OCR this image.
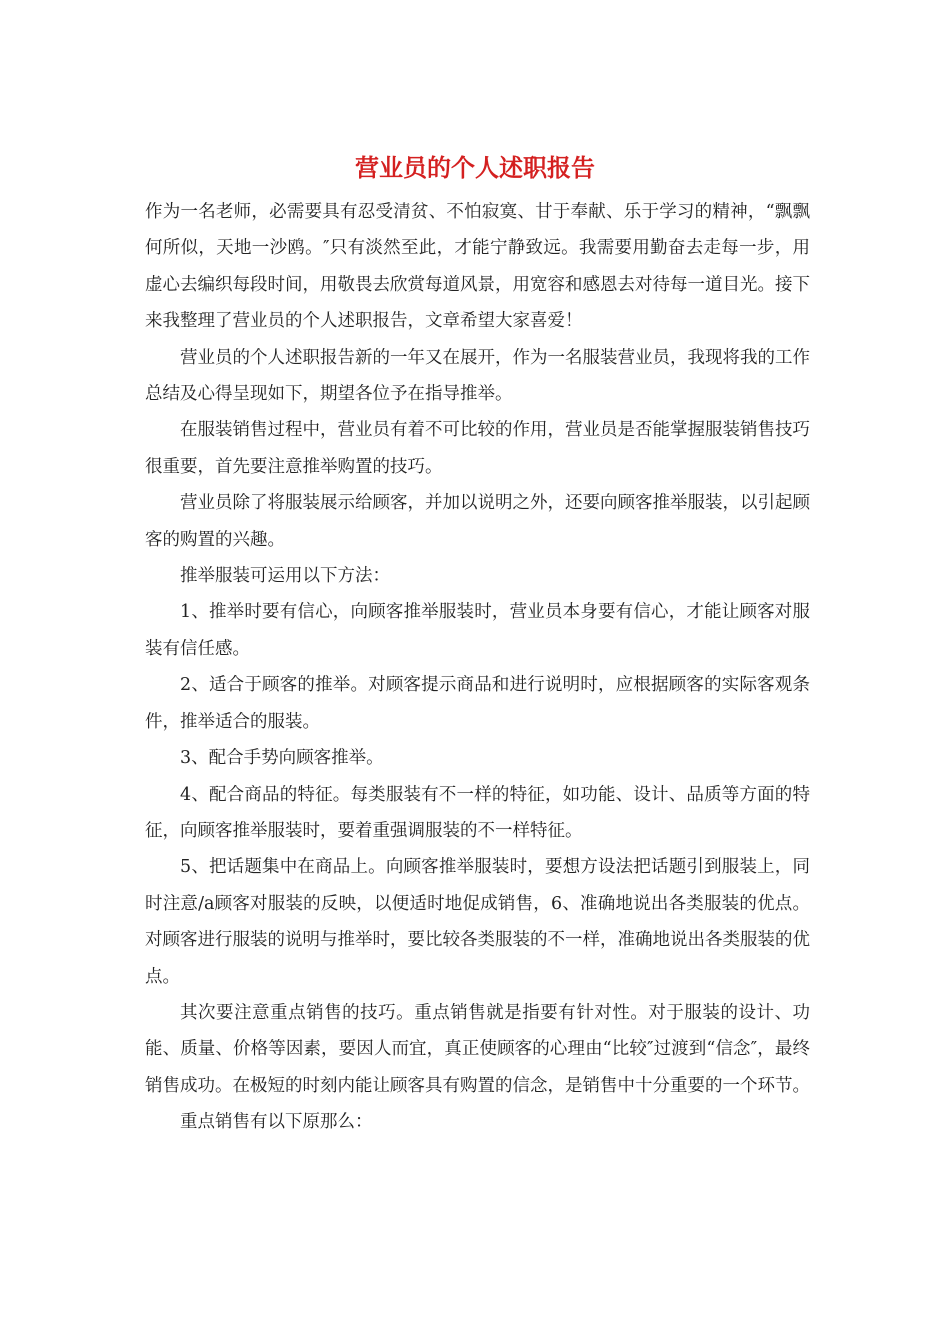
营业员的个人述职报告

作为一名老师，必需要具有忍受清贫、不怕寂寞、甘于奉献、乐于学习的精神，“飘飘何所似，天地一沙鸥。″只有淡然至此，才能宁静致远。我需要用勤奋去走每一步，用虚心去编织每段时间，用敬畏去欣赏每道风景，用宽容和感恩去对待每一道目光。接下来我整理了营业员的个人述职报告，文章希望大家喜爱！

营业员的个人述职报告新的一年又在展开，作为一名服装营业员，我现将我的工作总结及心得呈现如下，期望各位予在指导推举。

在服装销售过程中，营业员有着不可比较的作用，营业员是否能掌握服装销售技巧很重要，首先要注意推举购置的技巧。

营业员除了将服装展示给顾客，并加以说明之外，还要向顾客推举服装，以引起顾客的购置的兴趣。

推举服装可运用以下方法：

1、推举时要有信心，向顾客推举服装时，营业员本身要有信心，才能让顾客对服装有信任感。

2、适合于顾客的推举。对顾客提示商品和进行说明时，应根据顾客的实际客观条件，推举适合的服装。

3、配合手势向顾客推举。

4、配合商品的特征。每类服装有不一样的特征，如功能、设计、品质等方面的特征，向顾客推举服装时，要着重强调服装的不一样特征。

5、把话题集中在商品上。向顾客推举服装时，要想方设法把话题引到服装上，同时注意/a顾客对服装的反映，以便适时地促成销售，6、准确地说出各类服装的优点。对顾客进行服装的说明与推举时，要比较各类服装的不一样，准确地说出各类服装的优点。

其次要注意重点销售的技巧。重点销售就是指要有针对性。对于服装的设计、功能、质量、价格等因素，要因人而宜，真正使顾客的心理由“比较″过渡到“信念″，最终销售成功。在极短的时刻内能让顾客具有购置的信念，是销售中十分重要的一个环节。

重点销售有以下原那么：
